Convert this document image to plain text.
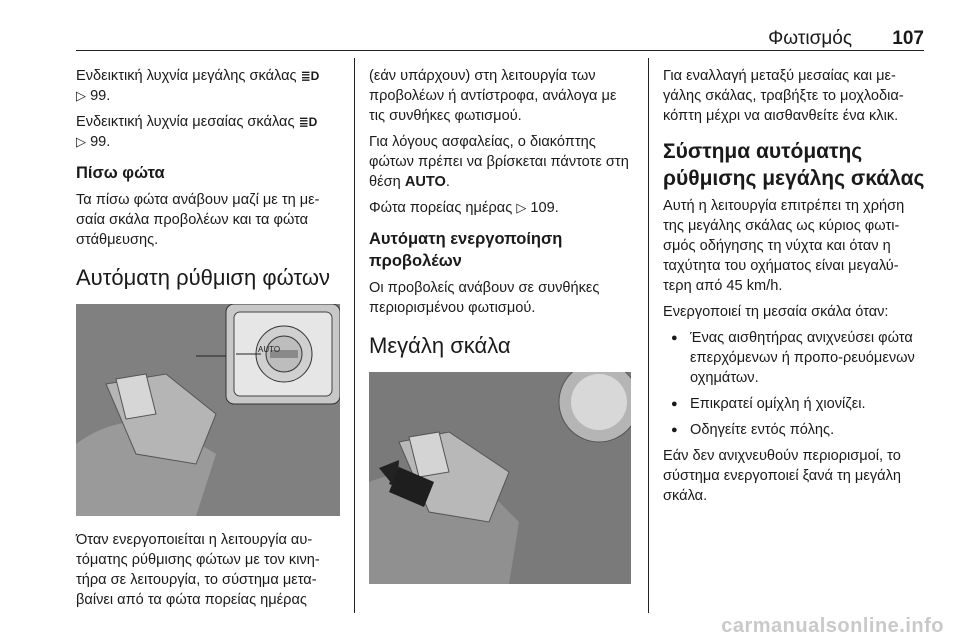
Φωτισμός 107

Ενδεικτική λυχνία μεγάλης σκάλας ≣D
▷ 99.

Ενδεικτική λυχνία μεσαίας σκάλας ≣D
▷ 99.

Πίσω φώτα

Τα πίσω φώτα ανάβουν μαζί με τη με-σαία σκάλα προβολέων και τα φώτα στάθμευσης.

Αυτόματη ρύθμιση φώτων
AUTO

Όταν ενεργοποιείται η λειτουργία αυ-τόματης ρύθμισης φώτων με τον κινη-τήρα σε λειτουργία, το σύστημα μετα-βαίνει από τα φώτα πορείας ημέρας

(εάν υπάρχουν) στη λειτουργία των προβολέων ή αντίστροφα, ανάλογα με τις συνθήκες φωτισμού.

Για λόγους ασφαλείας, ο διακόπτης φώτων πρέπει να βρίσκεται πάντοτε στη θέση AUTO.

Φώτα πορείας ημέρας ▷ 109.

Αυτόματη ενεργοποίηση προβολέων

Οι προβολείς ανάβουν σε συνθήκες περιορισμένου φωτισμού.

Μεγάλη σκάλα

Για εναλλαγή μεταξύ μεσαίας και με-γάλης σκάλας, τραβήξτε το μοχλοδια-κόπτη μέχρι να αισθανθείτε ένα κλικ.

Σύστημα αυτόματης ρύθμισης μεγάλης σκάλας

Αυτή η λειτουργία επιτρέπει τη χρήση της μεγάλης σκάλας ως κύριος φωτι-σμός οδήγησης τη νύχτα και όταν η ταχύτητα του οχήματος είναι μεγαλύ-τερη από 45 km/h.

Ενεργοποιεί τη μεσαία σκάλα όταν:

● Ένας αισθητήρας ανιχνεύσει φώτα επερχόμενων ή προπο-ρευόμενων οχημάτων.
● Επικρατεί ομίχλη ή χιονίζει.
● Οδηγείτε εντός πόλης.

Εάν δεν ανιχνευθούν περιορισμοί, το σύστημα ενεργοποιεί ξανά τη μεγάλη σκάλα.

carmanualsonline.info
